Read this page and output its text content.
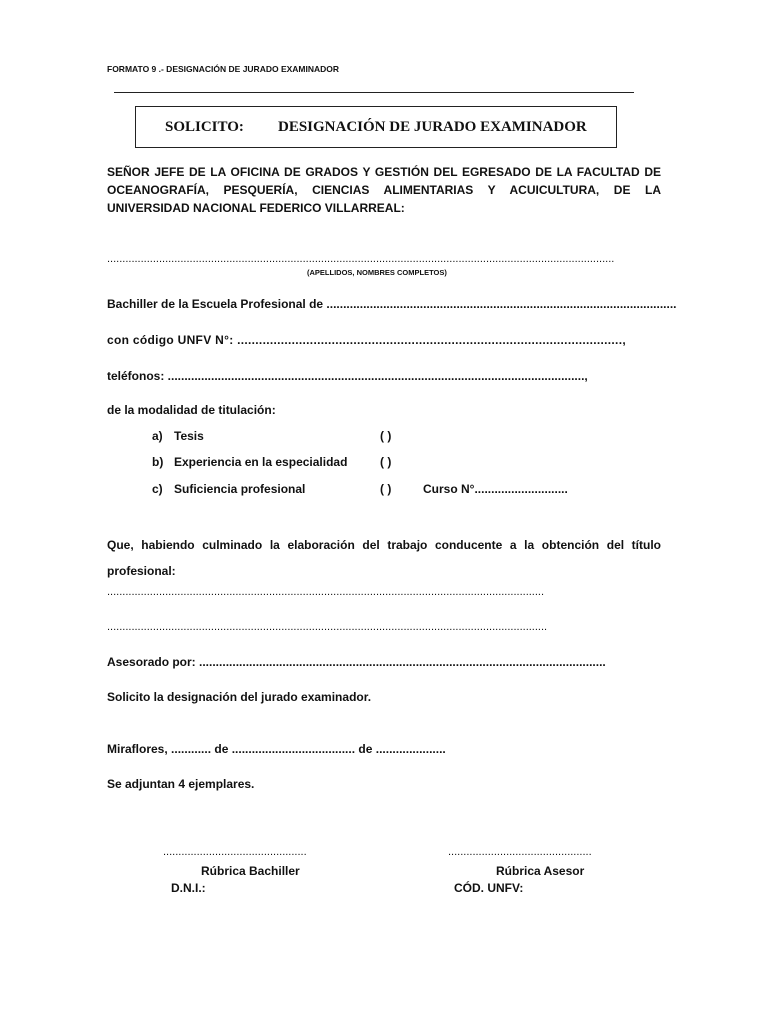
FORMATO 9 .- DESIGNACIÓN DE JURADO EXAMINADOR
SOLICITO: DESIGNACIÓN DE JURADO EXAMINADOR
SEÑOR JEFE DE LA OFICINA DE GRADOS Y GESTIÓN DEL EGRESADO DE LA FACULTAD DE OCEANOGRAFÍA, PESQUERÍA, CIENCIAS ALIMENTARIAS Y ACUICULTURA, DE LA UNIVERSIDAD NACIONAL FEDERICO VILLARREAL:
......................................................................................................................................................................
(APELLIDOS, NOMBRES COMPLETOS)
Bachiller de la Escuela Profesional de .........................................................................................................
con código UNFV N°: ..........................................................................................................,
teléfonos: .............................................................................................................................,
de la modalidad de titulación:
a) Tesis	( )
b) Experiencia en la especialidad	( )
c) Suficiencia profesional	( )	Curso N°............................
Que, habiendo culminado la elaboración del trabajo conducente a la obtención del título profesional:
...............................................................................................................................................
................................................................................................................................................
Asesorado por: ..........................................................................................................................
Solicito la designación del jurado examinador.
Miraflores, ............ de ..................................... de .....................
Se adjuntan 4 ejemplares.
...............................................
Rúbrica Bachiller
D.N.I.:
...............................................
Rúbrica Asesor
CÓD. UNFV:
